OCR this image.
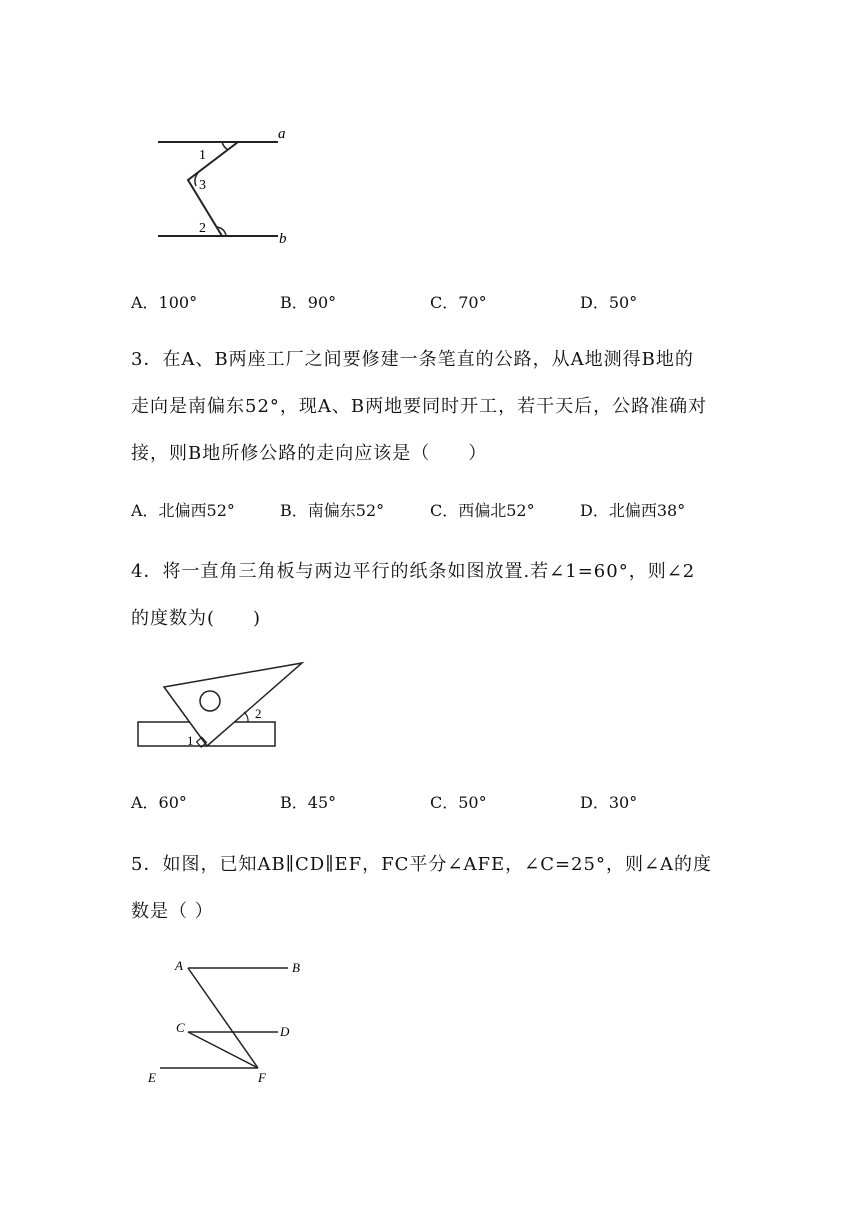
a
b
1
3
2
A．100°	B．90°	C．70°	D．50°
3．在A、B两座工厂之间要修建一条笔直的公路，从A地测得B地的
走向是南偏东52°，现A、B两地要同时开工，若干天后，公路准确对
接，则B地所修公路的走向应该是（　　）
A．北偏西52°	B．南偏东52°	C．西偏北52°	D．北偏西38°
4．将一直角三角板与两边平行的纸条如图放置.若∠1=60°，则∠2
的度数为(　　)
1
2
A．60°	B．45°	C．50°	D．30°
5．如图，已知AB∥CD∥EF，FC平分∠AFE，∠C=25°，则∠A的度
数是（ ）
A	B
C	D
E	F
